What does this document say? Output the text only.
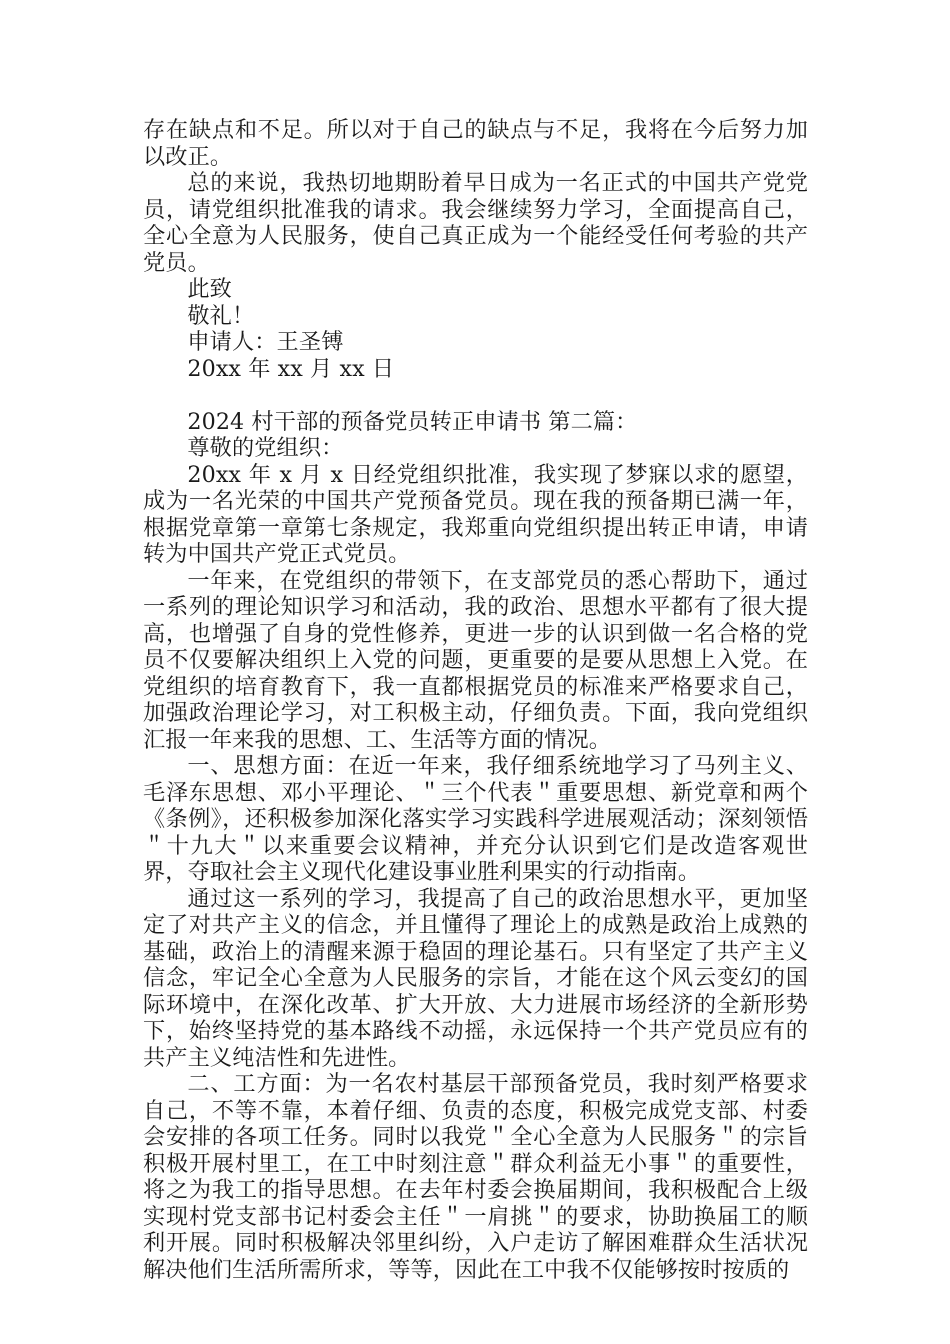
存在缺点和不足。所以对于自己的缺点与不足，我将在今后努力加以改正。

总的来说，我热切地期盼着早日成为一名正式的中国共产党党员，请党组织批准我的请求。我会继续努力学习，全面提高自己，全心全意为人民服务，使自己真正成为一个能经受任何考验的共产党员。

此致

敬礼！

申请人：王圣镈

20xx 年 xx 月 xx 日

2024 村干部的预备党员转正申请书 第二篇：

尊敬的党组织：

20xx 年 x 月 x 日经党组织批准，我实现了梦寐以求的愿望，成为一名光荣的中国共产党预备党员。现在我的预备期已满一年，根据党章第一章第七条规定，我郑重向党组织提出转正申请，申请转为中国共产党正式党员。

一年来，在党组织的带领下，在支部党员的悉心帮助下，通过一系列的理论知识学习和活动，我的政治、思想水平都有了很大提高，也增强了自身的党性修养，更进一步的认识到做一名合格的党员不仅要解决组织上入党的问题，更重要的是要从思想上入党。在党组织的培育教育下，我一直都根据党员的标准来严格要求自己，加强政治理论学习，对工积极主动，仔细负责。下面，我向党组织汇报一年来我的思想、工、生活等方面的情况。

一、思想方面：在近一年来，我仔细系统地学习了马列主义、毛泽东思想、邓小平理论、＂三个代表＂重要思想、新党章和两个《条例》，还积极参加深化落实学习实践科学进展观活动；深刻领悟＂十九大＂以来重要会议精神，并充分认识到它们是改造客观世界，夺取社会主义现代化建设事业胜利果实的行动指南。

通过这一系列的学习，我提高了自己的政治思想水平，更加坚定了对共产主义的信念，并且懂得了理论上的成熟是政治上成熟的基础，政治上的清醒来源于稳固的理论基石。只有坚定了共产主义信念，牢记全心全意为人民服务的宗旨，才能在这个风云变幻的国际环境中，在深化改革、扩大开放、大力进展市场经济的全新形势下，始终坚持党的基本路线不动摇，永远保持一个共产党员应有的共产主义纯洁性和先进性。

二、工方面：为一名农村基层干部预备党员，我时刻严格要求自己，不等不靠，本着仔细、负责的态度，积极完成党支部、村委会安排的各项工任务。同时以我党＂全心全意为人民服务＂的宗旨积极开展村里工，在工中时刻注意＂群众利益无小事＂的重要性，将之为我工的指导思想。在去年村委会换届期间，我积极配合上级实现村党支部书记村委会主任＂一肩挑＂的要求，协助换届工的顺利开展。同时积极解决邻里纠纷，入户走访了解困难群众生活状况解决他们生活所需所求，等等，因此在工中我不仅能够按时按质的
